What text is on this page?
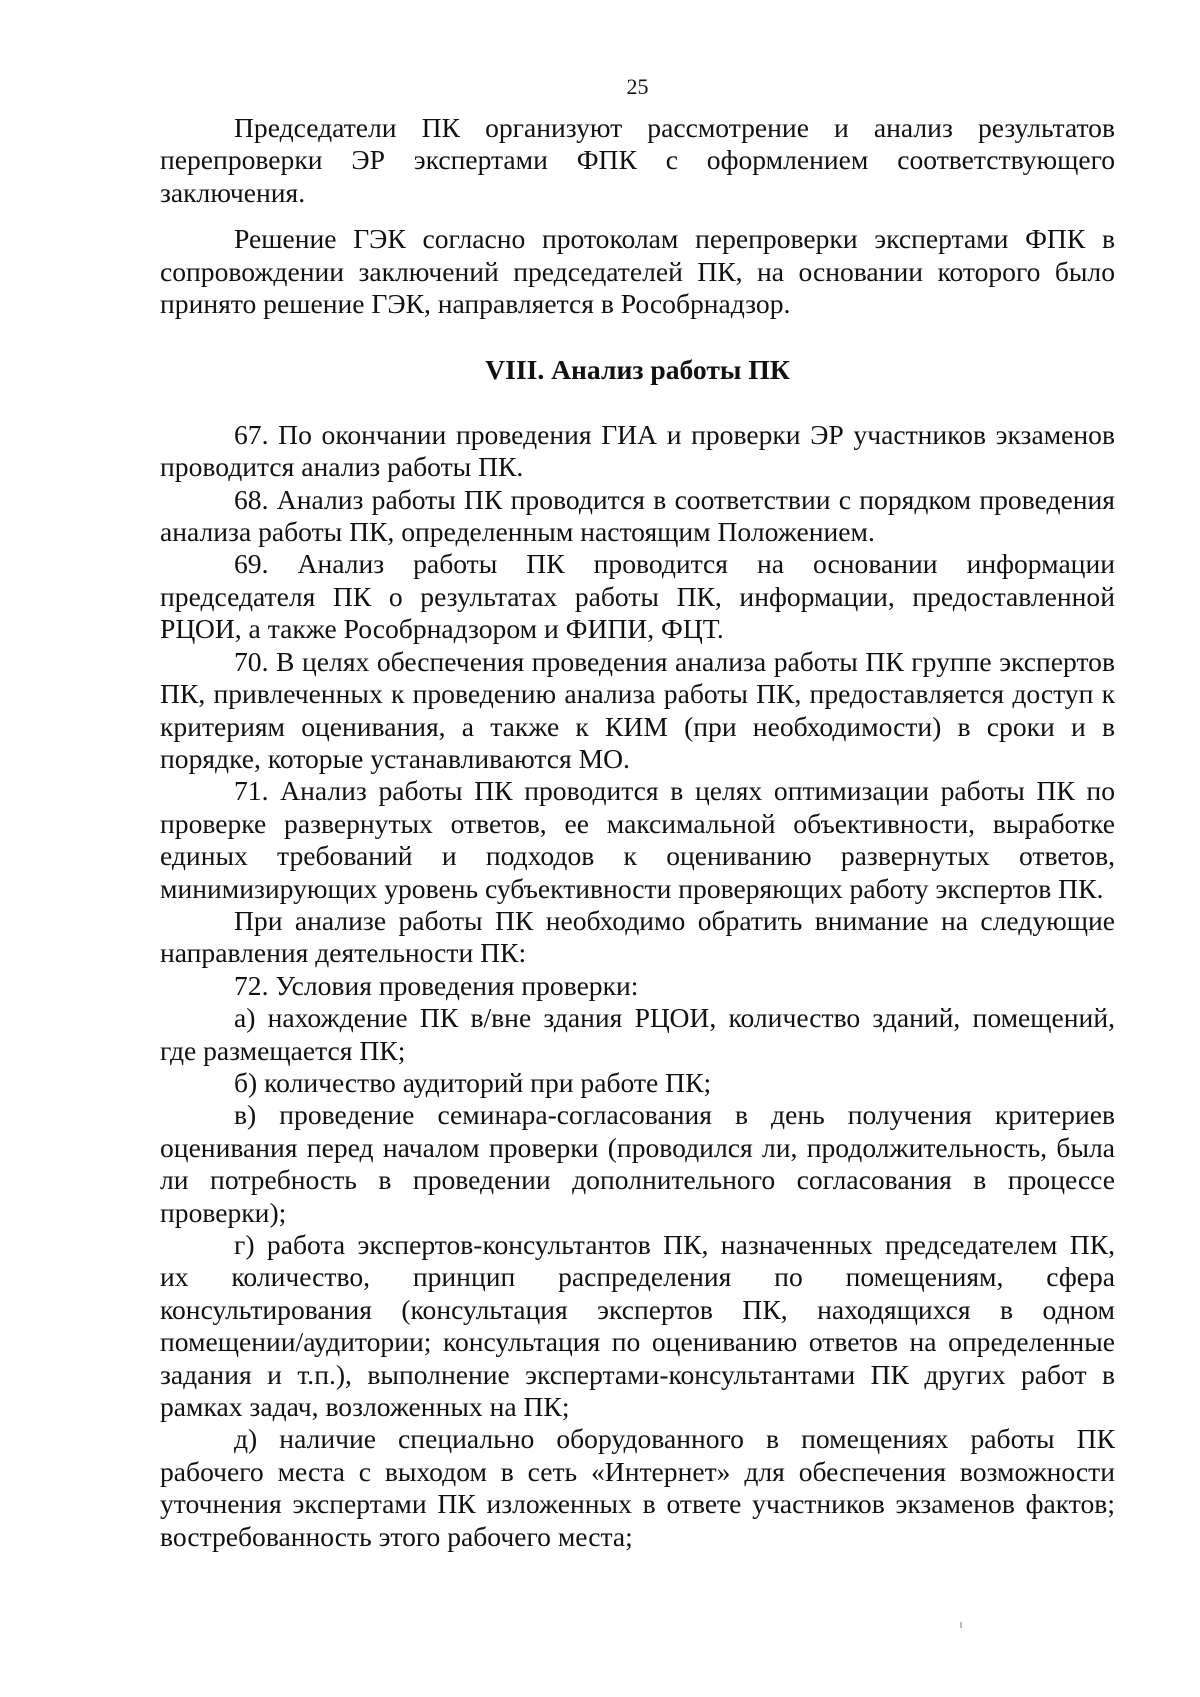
25

Председатели ПК организуют рассмотрение и анализ результатов перепроверки ЭР экспертами ФПК с оформлением соответствующего заключения.

Решение ГЭК согласно протоколам перепроверки экспертами ФПК в сопровождении заключений председателей ПК, на основании которого было принято решение ГЭК, направляется в Рособрнадзор.

VIII. Анализ работы ПК

67. По окончании проведения ГИА и проверки ЭР участников экзаменов проводится анализ работы ПК.

68. Анализ работы ПК проводится в соответствии с порядком проведения анализа работы ПК, определенным настоящим Положением.

69. Анализ работы ПК проводится на основании информации председателя ПК о результатах работы ПК, информации, предоставленной РЦОИ, а также Рособрнадзором и ФИПИ, ФЦТ.

70. В целях обеспечения проведения анализа работы ПК группе экспертов ПК, привлеченных к проведению анализа работы ПК, предоставляется доступ к критериям оценивания, а также к КИМ (при необходимости) в сроки и в порядке, которые устанавливаются МО.

71. Анализ работы ПК проводится в целях оптимизации работы ПК по проверке развернутых ответов, ее максимальной объективности, выработке единых требований и подходов к оцениванию развернутых ответов, минимизирующих уровень субъективности проверяющих работу экспертов ПК.

При анализе работы ПК необходимо обратить внимание на следующие направления деятельности ПК:

72. Условия проведения проверки:

а) нахождение ПК в/вне здания РЦОИ, количество зданий, помещений, где размещается ПК;

б) количество аудиторий при работе ПК;

в) проведение семинара-согласования в день получения критериев оценивания перед началом проверки (проводился ли, продолжительность, была ли потребность в проведении дополнительного согласования в процессе проверки);

г) работа экспертов-консультантов ПК, назначенных председателем ПК, их количество, принцип распределения по помещениям, сфера консультирования (консультация экспертов ПК, находящихся в одном помещении/аудитории; консультация по оцениванию ответов на определенные задания и т.п.), выполнение экспертами-консультантами ПК других работ в рамках задач, возложенных на ПК;

д) наличие специально оборудованного в помещениях работы ПК рабочего места с выходом в сеть «Интернет» для обеспечения возможности уточнения экспертами ПК изложенных в ответе участников экзаменов фактов; востребованность этого рабочего места;
